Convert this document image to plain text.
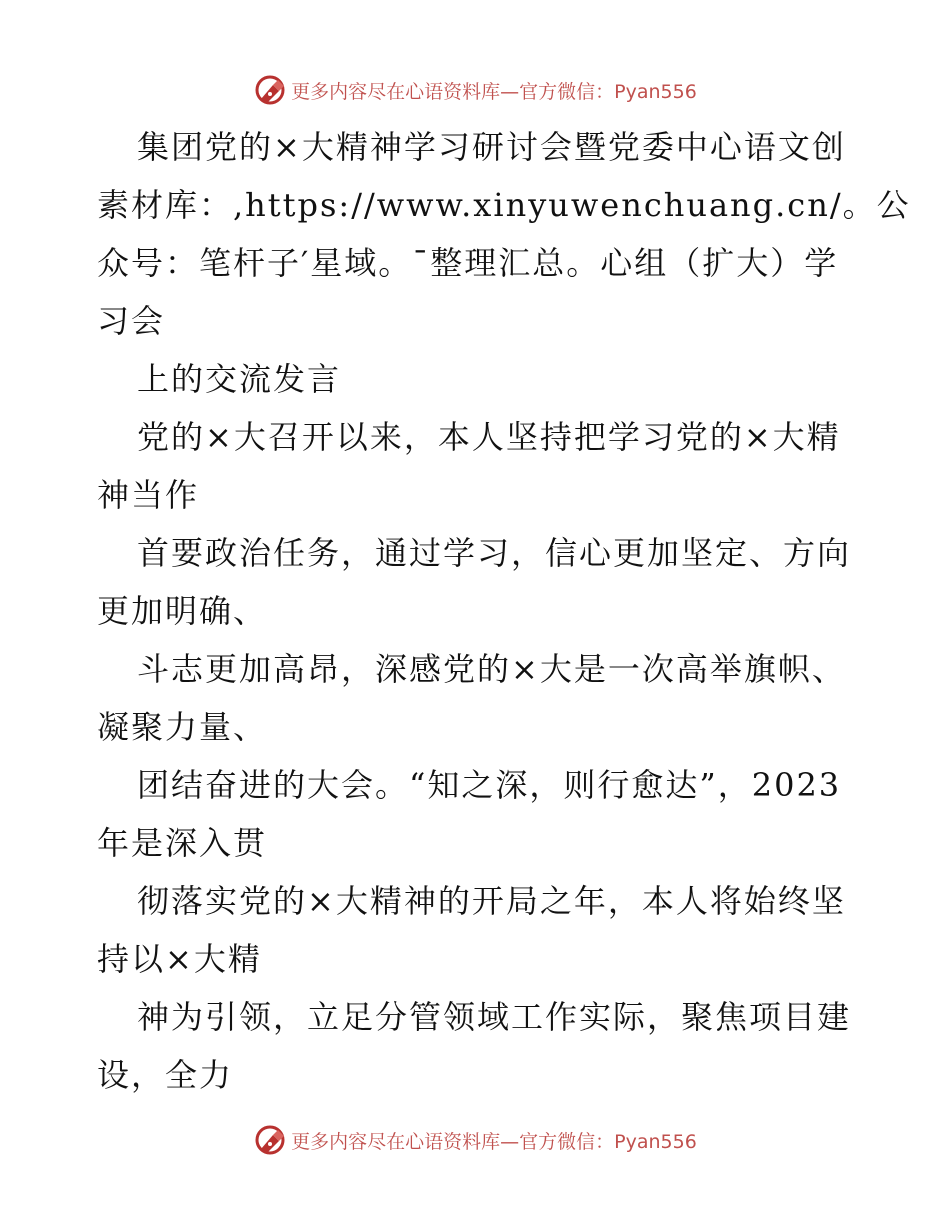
更多内容尽在心语资料库—官方微信：Pyan556
集团党的×大精神学习研讨会暨党委中心语文创
素材库：,https://www.xinyuwenchuang.cn/。公
众号：笔杆子′星域。¯整理汇总。心组（扩大）学
习会
上的交流发言
党的×大召开以来，本人坚持把学习党的×大精
神当作
首要政治任务，通过学习，信心更加坚定、方向
更加明确、
斗志更加高昂，深感党的×大是一次高举旗帜、
凝聚力量、
团结奋进的大会。“知之深，则行愈达”，2023
年是深入贯
彻落实党的×大精神的开局之年，本人将始终坚
持以×大精
神为引领，立足分管领域工作实际，聚焦项目建
设，全力
更多内容尽在心语资料库—官方微信：Pyan556
